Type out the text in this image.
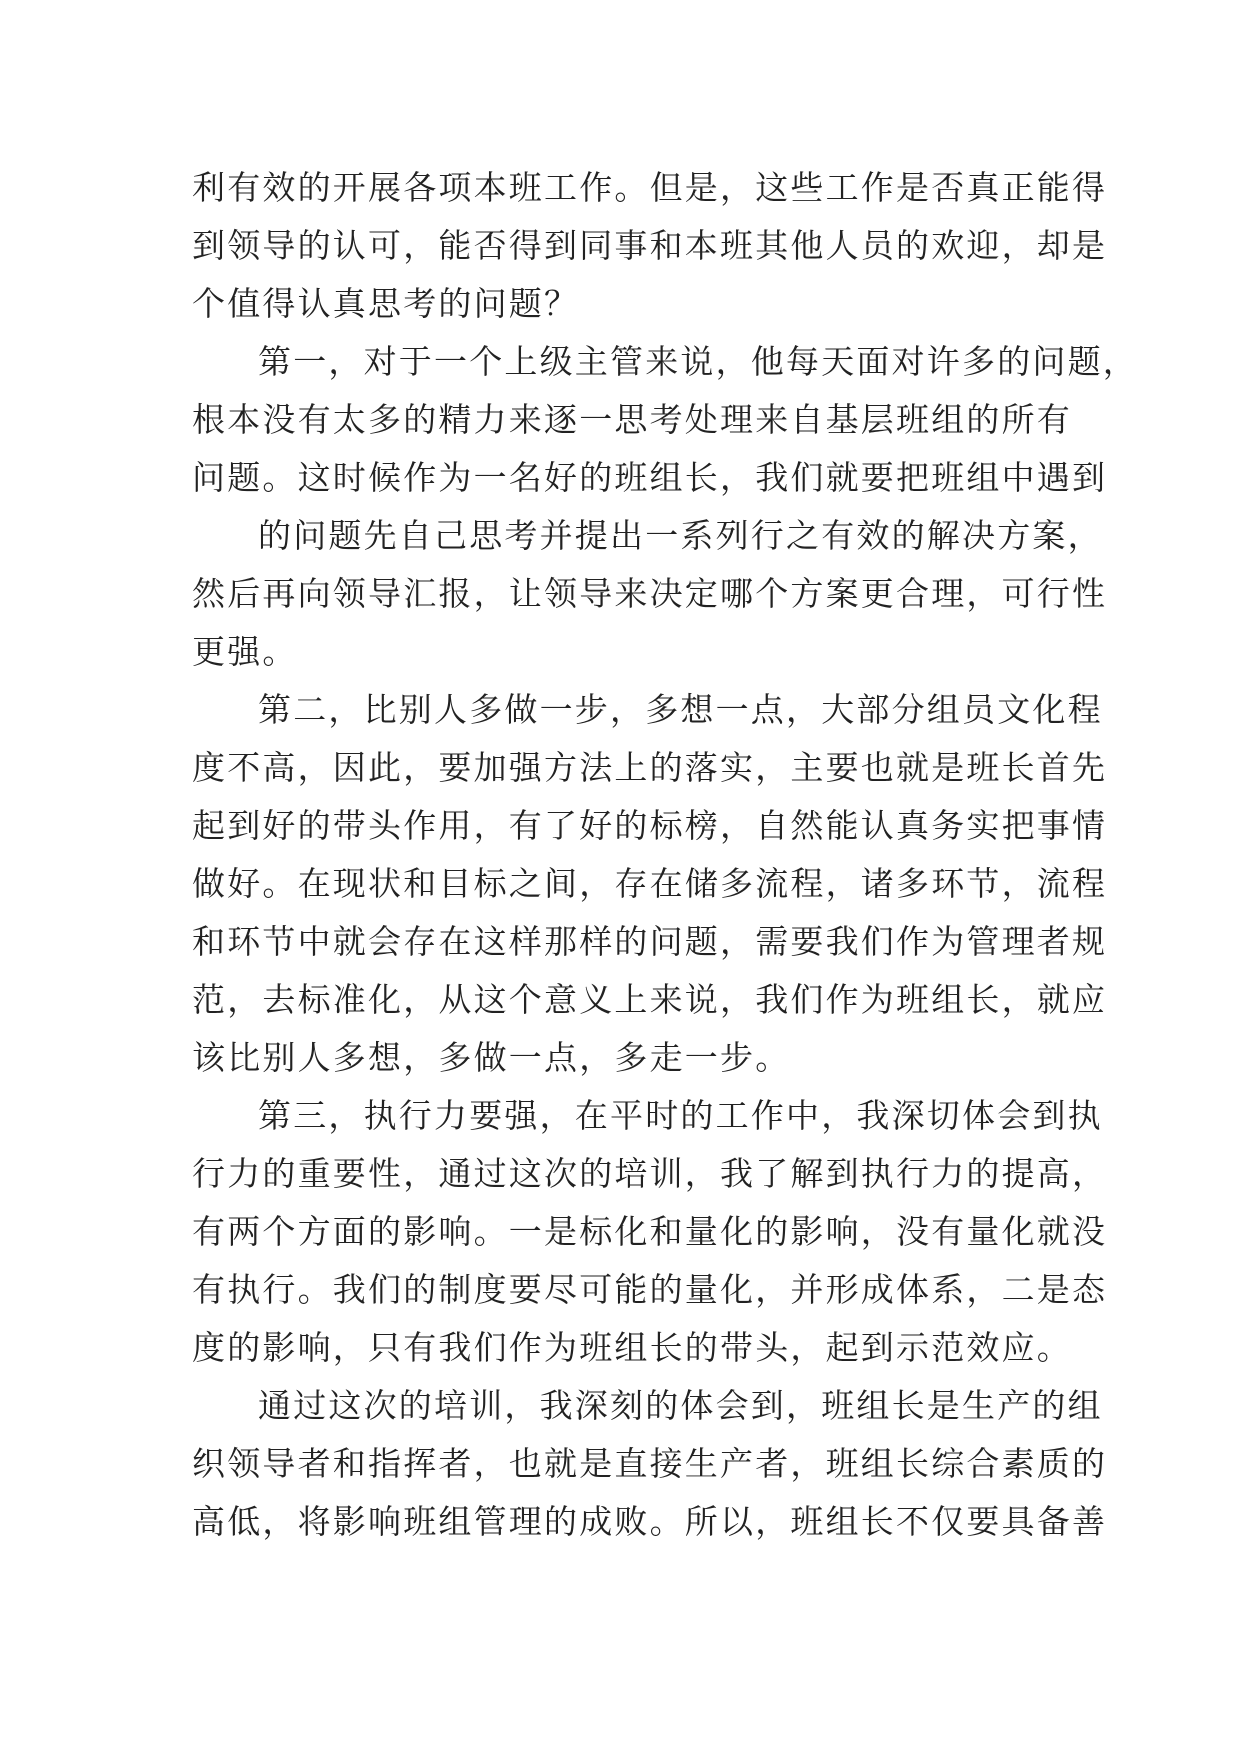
利有效的开展各项本班工作。但是，这些工作是否真正能得
到领导的认可，能否得到同事和本班其他人员的欢迎，却是
个值得认真思考的问题？
第一，对于一个上级主管来说，他每天面对许多的问题，
根本没有太多的精力来逐一思考处理来自基层班组的所有
问题。这时候作为一名好的班组长，我们就要把班组中遇到
的问题先自己思考并提出一系列行之有效的解决方案，
然后再向领导汇报，让领导来决定哪个方案更合理，可行性
更强。
第二，比别人多做一步，多想一点，大部分组员文化程
度不高，因此，要加强方法上的落实，主要也就是班长首先
起到好的带头作用，有了好的标榜，自然能认真务实把事情
做好。在现状和目标之间，存在储多流程，诸多环节，流程
和环节中就会存在这样那样的问题，需要我们作为管理者规
范，去标准化，从这个意义上来说，我们作为班组长，就应
该比别人多想，多做一点，多走一步。
第三，执行力要强，在平时的工作中，我深切体会到执
行力的重要性，通过这次的培训，我了解到执行力的提高，
有两个方面的影响。一是标化和量化的影响，没有量化就没
有执行。我们的制度要尽可能的量化，并形成体系，二是态
度的影响，只有我们作为班组长的带头，起到示范效应。
通过这次的培训，我深刻的体会到，班组长是生产的组
织领导者和指挥者，也就是直接生产者，班组长综合素质的
高低，将影响班组管理的成败。所以，班组长不仅要具备善
